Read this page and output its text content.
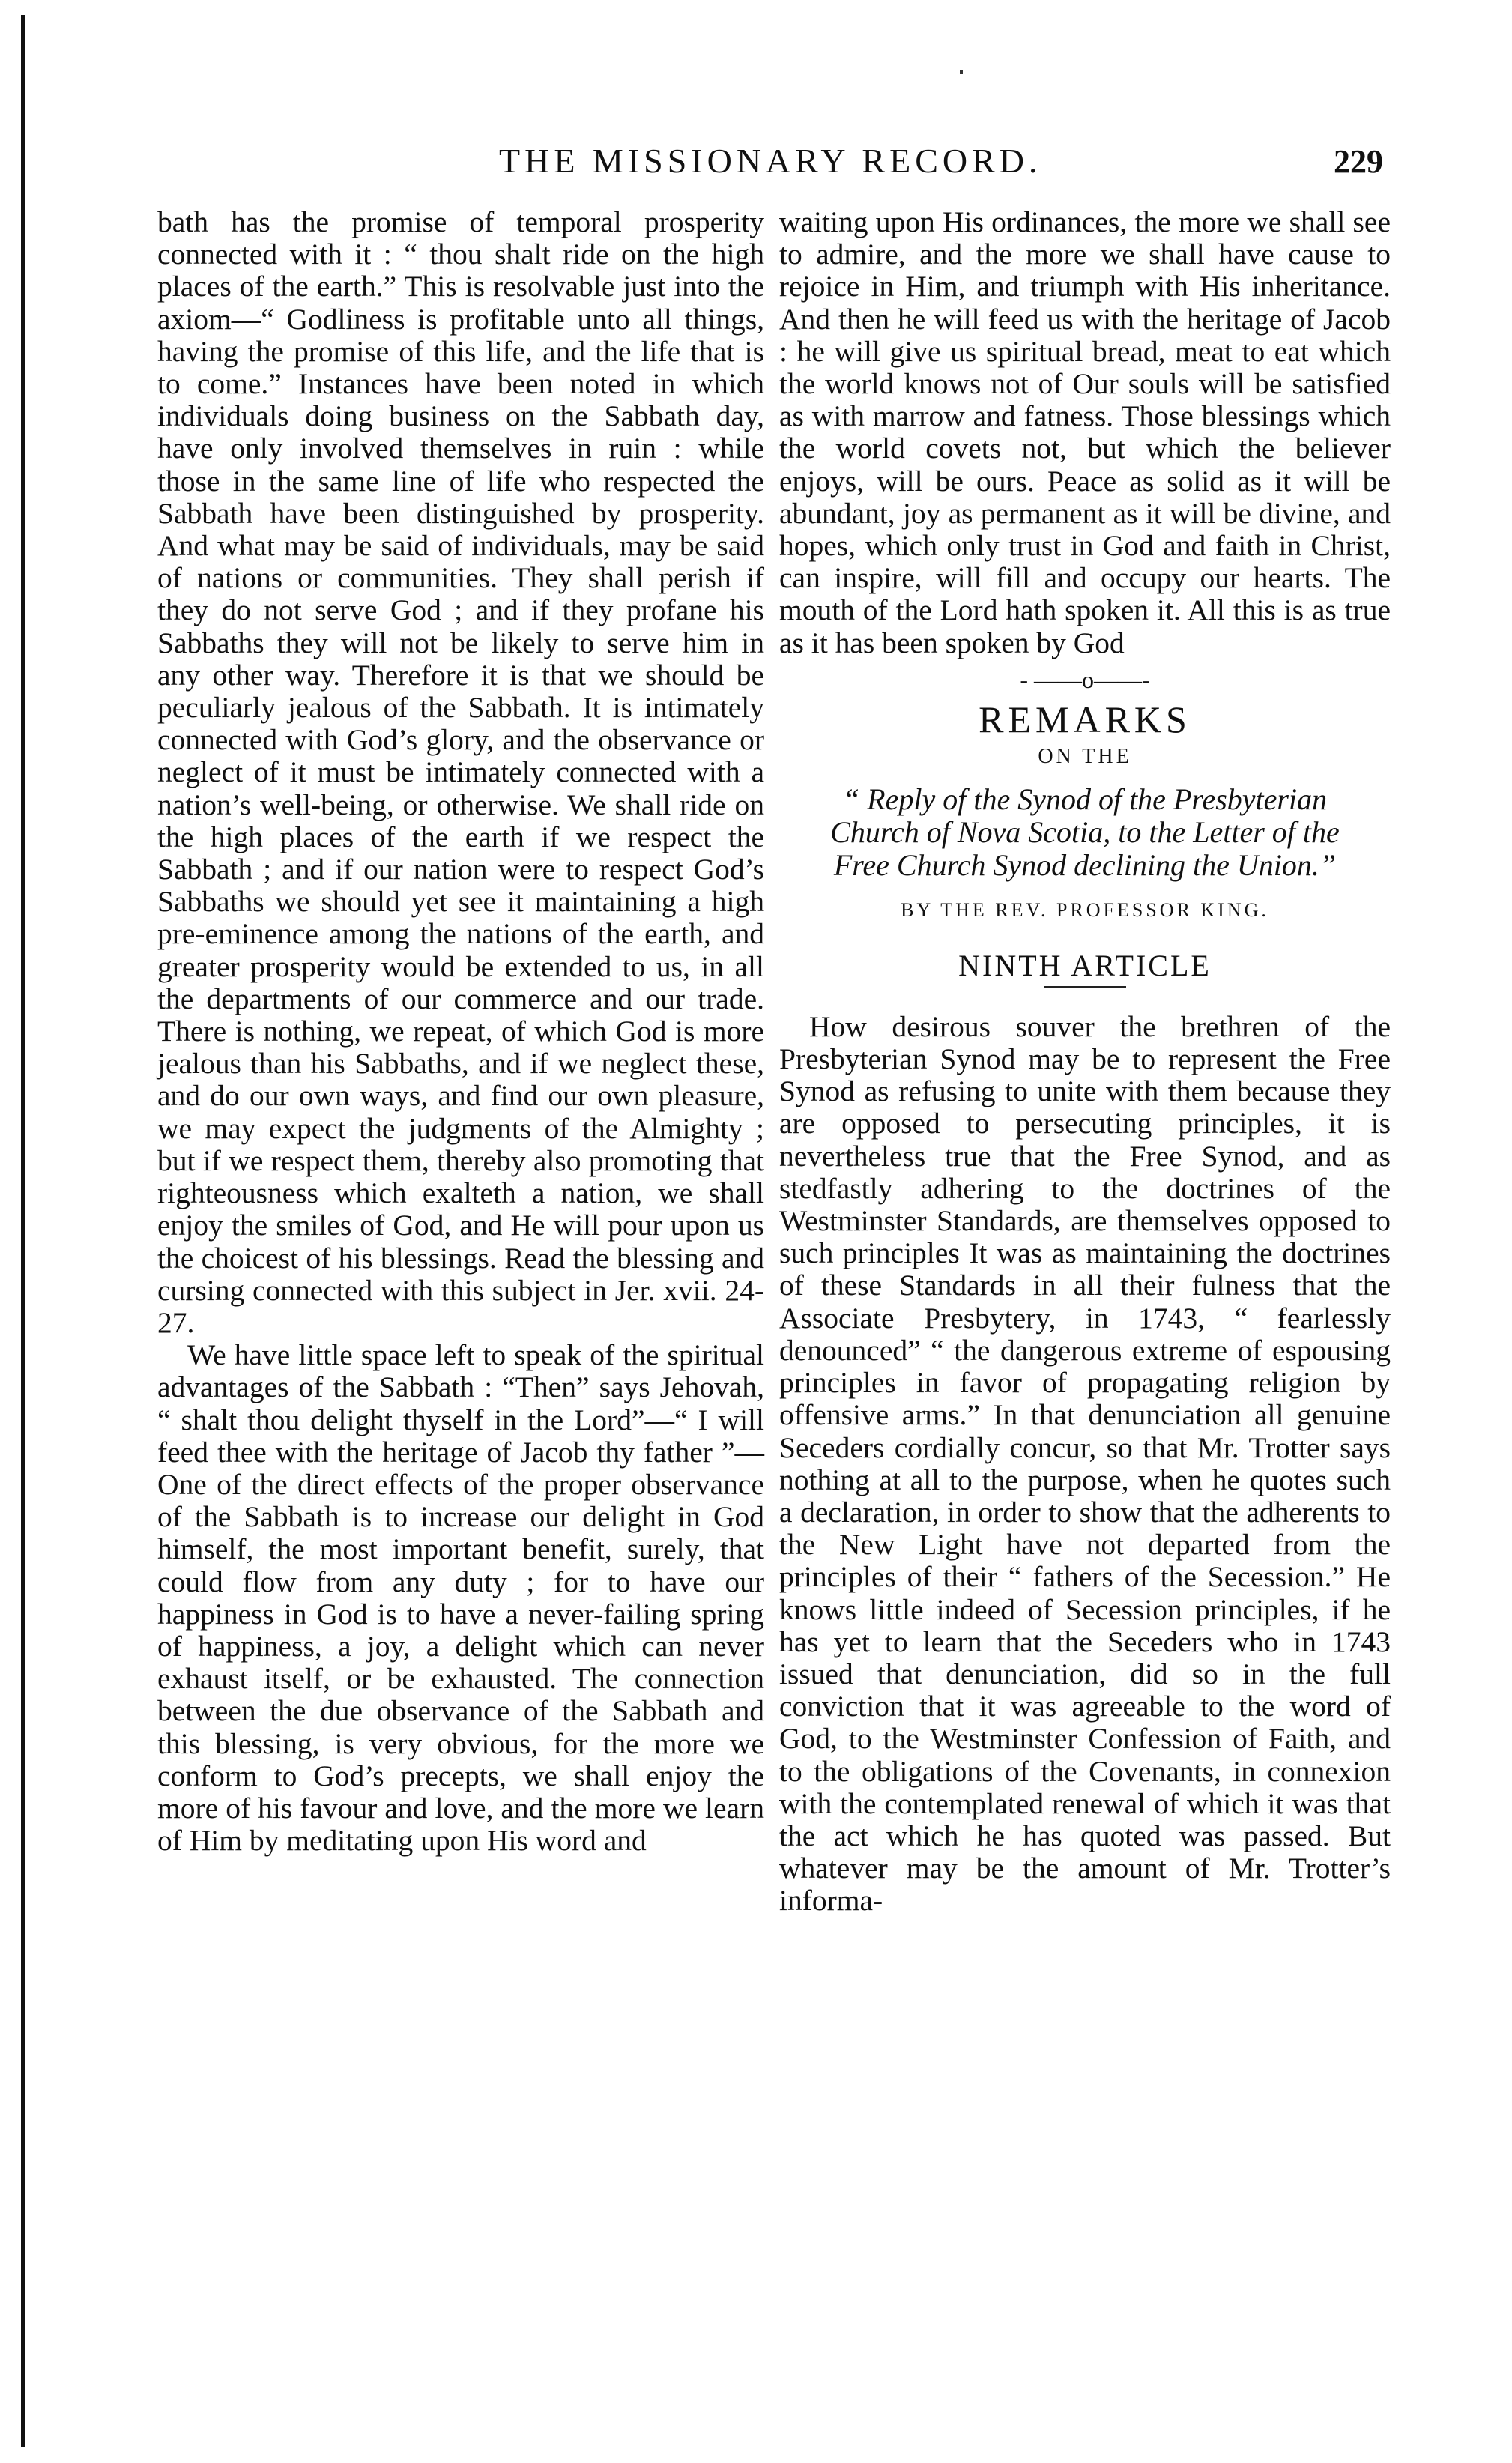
THE MISSIONARY RECORD.	229

bath has the promise of temporal prosperity connected with it : “ thou shalt ride on the high places of the earth.” This is resolvable just into the axiom—“ Godliness is profitable unto all things, having the promise of this life, and the life that is to come.” Instances have been noted in which individuals doing business on the Sabbath day, have only involved themselves in ruin : while those in the same line of life who respected the Sabbath have been distinguished by prosperity. And what may be said of individuals, may be said of nations or communities. They shall perish if they do not serve God ; and if they profane his Sabbaths they will not be likely to serve him in any other way. Therefore it is that we should be peculiarly jealous of the Sabbath. It is intimately connected with God’s glory, and the observance or neglect of it must be intimately connected with a nation’s well-being, or otherwise. We shall ride on the high places of the earth if we respect the Sabbath ; and if our nation were to respect God’s Sabbaths we should yet see it maintaining a high pre-eminence among the nations of the earth, and greater prosperity would be extended to us, in all the departments of our commerce and our trade. There is nothing, we repeat, of which God is more jealous than his Sabbaths, and if we neglect these, and do our own ways, and find our own pleasure, we may expect the judgments of the Almighty ; but if we respect them, thereby also promoting that righteousness which exalteth a nation, we shall enjoy the smiles of God, and He will pour upon us the choicest of his blessings. Read the blessing and cursing connected with this subject in Jer. xvii. 24-27.

We have little space left to speak of the spiritual advantages of the Sabbath : “Then” says Jehovah, “ shalt thou delight thyself in the Lord”—“ I will feed thee with the heritage of Jacob thy father ”— One of the direct effects of the proper observance of the Sabbath is to increase our delight in God himself, the most important benefit, surely, that could flow from any duty ; for to have our happiness in God is to have a never-failing spring of happiness, a joy, a delight which can never exhaust itself, or be exhausted. The connection between the due observance of the Sabbath and this blessing, is very obvious, for the more we conform to God’s precepts, we shall enjoy the more of his favour and love, and the more we learn of Him by meditating upon His word and

waiting upon His ordinances, the more we shall see to admire, and the more we shall have cause to rejoice in Him, and triumph with His inheritance. And then he will feed us with the heritage of Jacob : he will give us spiritual bread, meat to eat which the world knows not of Our souls will be satisfied as with marrow and fatness. Those blessings which the world covets not, but which the believer enjoys, will be ours. Peace as solid as it will be abundant, joy as permanent as it will be divine, and hopes, which only trust in God and faith in Christ, can inspire, will fill and occupy our hearts. The mouth of the Lord hath spoken it. All this is as true as it has been spoken by God

- ——o——-
REMARKS
ON THE
“ Reply of the Synod of the Presbyterian Church of Nova Scotia, to the Letter of the Free Church Synod declining the Union.”
BY THE REV. PROFESSOR KING.
NINTH ARTICLE

How desirous souver the brethren of the Presbyterian Synod may be to represent the Free Synod as refusing to unite with them because they are opposed to persecuting principles, it is nevertheless true that the Free Synod, and as stedfastly adhering to the doctrines of the Westminster Standards, are themselves opposed to such principles It was as maintaining the doctrines of these Standards in all their fulness that the Associate Presbytery, in 1743, “ fearlessly denounced” “ the dangerous extreme of espousing principles in favor of propagating religion by offensive arms.” In that denunciation all genuine Seceders cordially concur, so that Mr. Trotter says nothing at all to the purpose, when he quotes such a declaration, in order to show that the adherents to the New Light have not departed from the principles of their “ fathers of the Secession.” He knows little indeed of Secession principles, if he has yet to learn that the Seceders who in 1743 issued that denunciation, did so in the full conviction that it was agreeable to the word of God, to the Westminster Confession of Faith, and to the obligations of the Covenants, in connexion with the contemplated renewal of which it was that the act which he has quoted was passed. But whatever may be the amount of Mr. Trotter’s informa-
